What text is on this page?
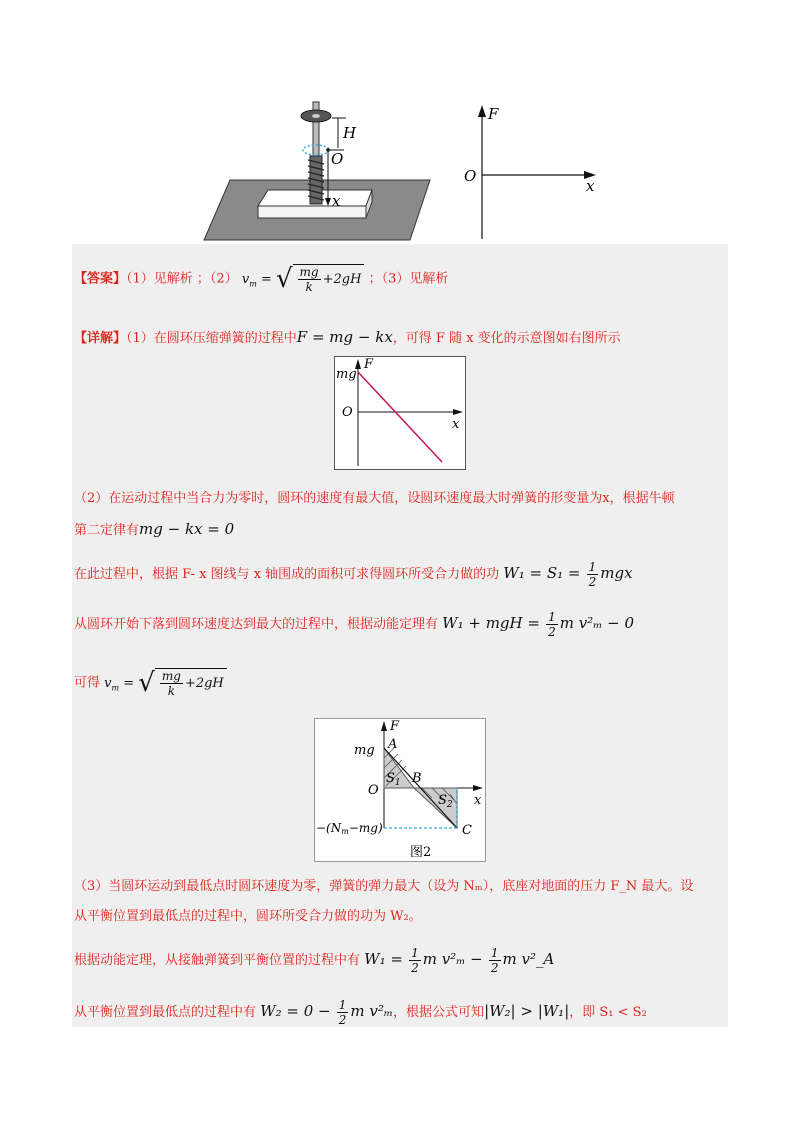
H
O
x
F
O
x
【答案】（1）见解析 ；（2） $v_m$ = √ $\frac{mg}{k} +2gH$ ；（3）见解析
【详解】（1）在圆环压缩弹簧的过程中F = mg − kx，可得 F 随 x 变化的示意图如右图所示
F
mg
O
x
（2）在运动过程中当合力为零时，圆环的速度有最大值，设圆环速度最大时弹簧的形变量为x，根据牛顿
第二定律有mg − kx = 0
在此过程中，根据 F- x 图线与 x 轴围成的面积可求得圆环所受合力做的功 $W_1 = S_1 = \frac{1}{2}$ mgx
从圆环开始下落到圆环速度达到最大的过程中，根据动能定理有 W₁ + mgH = $\frac{1}{2}$ m v²ₘ − 0
可得 $v_m$ = √ $\frac{mg}{k} +2gH$
F
mg A
O
$S_1$ B
$S_2$ x
−(Nm−mg)	C
图2
（3）当圆环运动到最低点时圆环速度为零，弹簧的弹力最大（设为 Nₘ），底座对地面的压力 F_N 最大。设
从平衡位置到最低点的过程中，圆环所受合力做的功为 W₂。
根据动能定理，从接触弹簧到平衡位置的过程中有 $W_1 = \frac{1}{2}$ m $v^2_m - \frac{1}{2}$ m v²_A
从平衡位置到最低点的过程中有 $W_2 = 0 - \frac{1}{2}$ m v²ₘ，根据公式可知|W₂| > |W₁|，即 S₁ < S₂
